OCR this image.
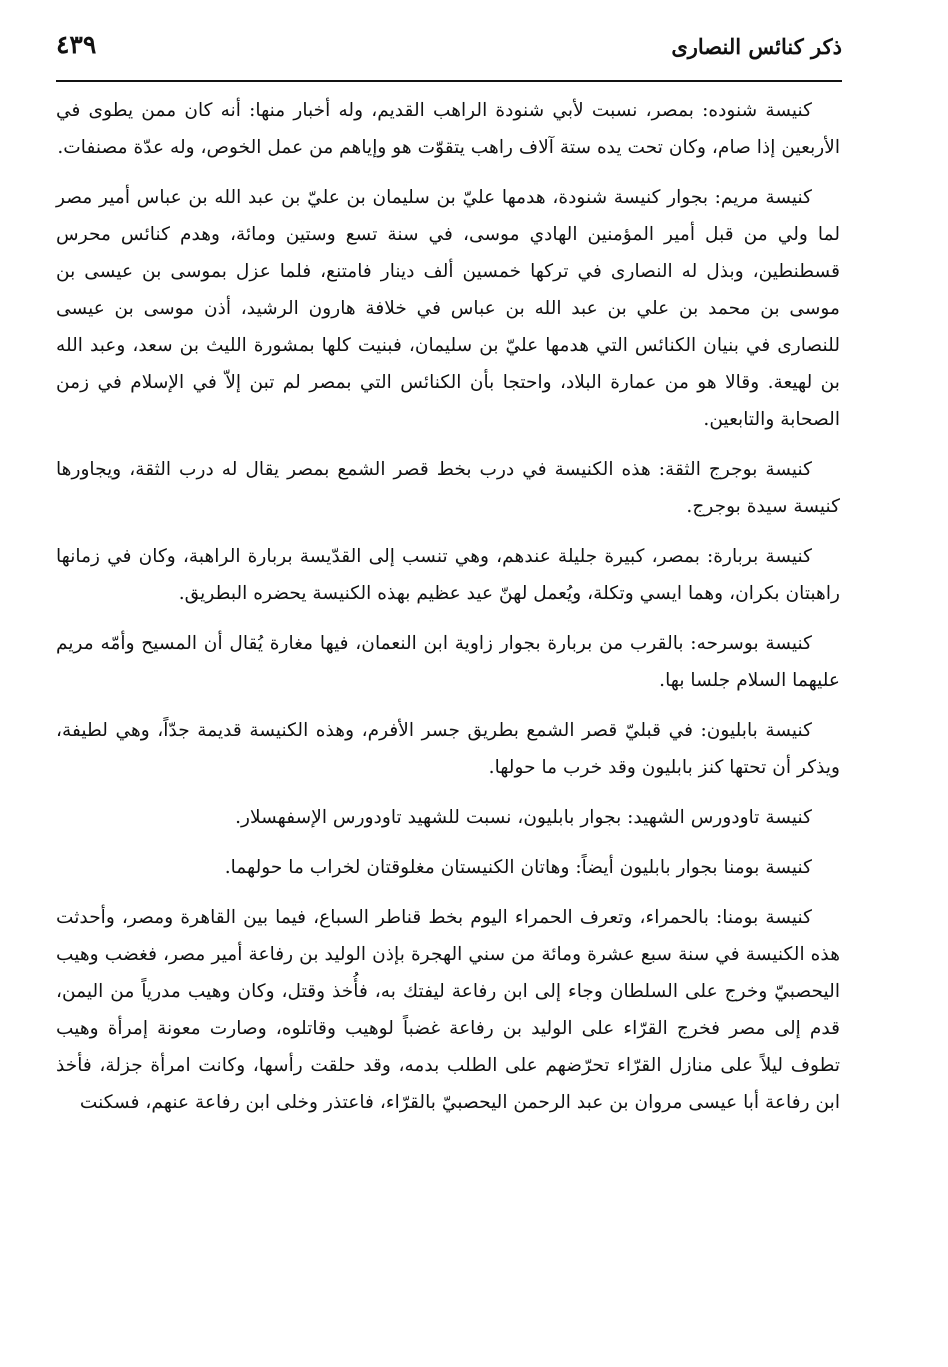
ذكر كنائس النصارى
٤٣٩

كنيسة شنوده: بمصر، نسبت لأبي شنودة الراهب القديم، وله أخبار منها: أنه كان ممن يطوى في الأربعين إذا صام، وكان تحت يده ستة آلاف راهب يتقوّت هو وإياهم من عمل الخوص، وله عدّة مصنفات.

كنيسة مريم: بجوار كنيسة شنودة، هدمها عليّ بن سليمان بن عليّ بن عبد الله بن عباس أمير مصر لما ولي من قبل أمير المؤمنين الهادي موسى، في سنة تسع وستين ومائة، وهدم كنائس محرس قسطنطين، وبذل له النصارى في تركها خمسين ألف دينار فامتنع، فلما عزل بموسى بن عيسى بن موسى بن محمد بن علي بن عبد الله بن عباس في خلافة هارون الرشيد، أذن موسى بن عيسى للنصارى في بنيان الكنائس التي هدمها عليّ بن سليمان، فبنيت كلها بمشورة الليث بن سعد، وعبد الله بن لهيعة. وقالا هو من عمارة البلاد، واحتجا بأن الكنائس التي بمصر لم تبن إلاّ في الإسلام في زمن الصحابة والتابعين.

كنيسة بوجرج الثقة: هذه الكنيسة في درب بخط قصر الشمع بمصر يقال له درب الثقة، ويجاورها كنيسة سيدة بوجرج.

كنيسة بربارة: بمصر، كبيرة جليلة عندهم، وهي تنسب إلى القدّيسة بربارة الراهبة، وكان في زمانها راهبتان بكران، وهما ايسي وتكلة، ويُعمل لهنّ عيد عظيم بهذه الكنيسة يحضره البطريق.

كنيسة بوسرحه: بالقرب من بربارة بجوار زاوية ابن النعمان، فيها مغارة يُقال أن المسيح وأمّه مريم عليهما السلام جلسا بها.

كنيسة بابليون: في قبليّ قصر الشمع بطريق جسر الأفرم، وهذه الكنيسة قديمة جدّاً، وهي لطيفة، ويذكر أن تحتها كنز بابليون وقد خرب ما حولها.

كنيسة تاودورس الشهيد: بجوار بابليون، نسبت للشهيد تاودورس الإسفهسلار.

كنيسة بومنا بجوار بابليون أيضاً: وهاتان الكنيستان مغلوقتان لخراب ما حولهما.

كنيسة بومنا: بالحمراء، وتعرف الحمراء اليوم بخط قناطر السباع، فيما بين القاهرة ومصر، وأحدثت هذه الكنيسة في سنة سبع عشرة ومائة من سني الهجرة بإذن الوليد بن رفاعة أمير مصر، فغضب وهيب اليحصبيّ وخرج على السلطان وجاء إلى ابن رفاعة ليفتك به، فأُخذ وقتل، وكان وهيب مدرياً من اليمن، قدم إلى مصر فخرج القرّاء على الوليد بن رفاعة غضباً لوهيب وقاتلوه، وصارت معونة إمرأة وهيب تطوف ليلاً على منازل القرّاء تحرّضهم على الطلب بدمه، وقد حلقت رأسها، وكانت امرأة جزلة، فأخذ ابن رفاعة أبا عيسى مروان بن عبد الرحمن اليحصبيّ بالقرّاء، فاعتذر وخلى ابن رفاعة عنهم، فسكنت
